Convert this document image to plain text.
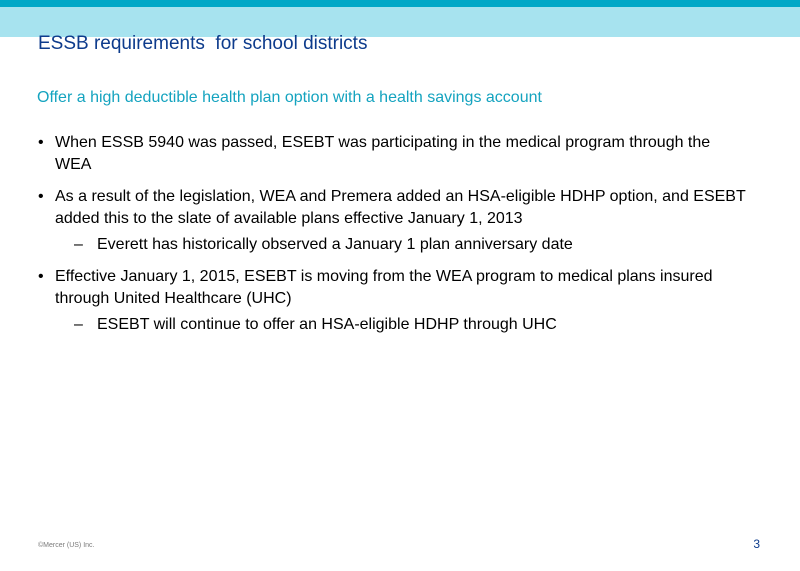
ESSB requirements  for school districts
Offer a high deductible health plan option with a health savings account
• When ESSB 5940 was passed, ESEBT was participating in the medical program through the WEA
• As a result of the legislation, WEA and Premera added an HSA-eligible HDHP option, and ESEBT added this to the slate of available plans effective January 1, 2013
– Everett has historically observed a January 1 plan anniversary date
• Effective January 1, 2015, ESEBT is moving from the WEA program to medical plans insured through United Healthcare (UHC)
– ESEBT will continue to offer an HSA-eligible HDHP through UHC
©Mercer (US) Inc.	3
